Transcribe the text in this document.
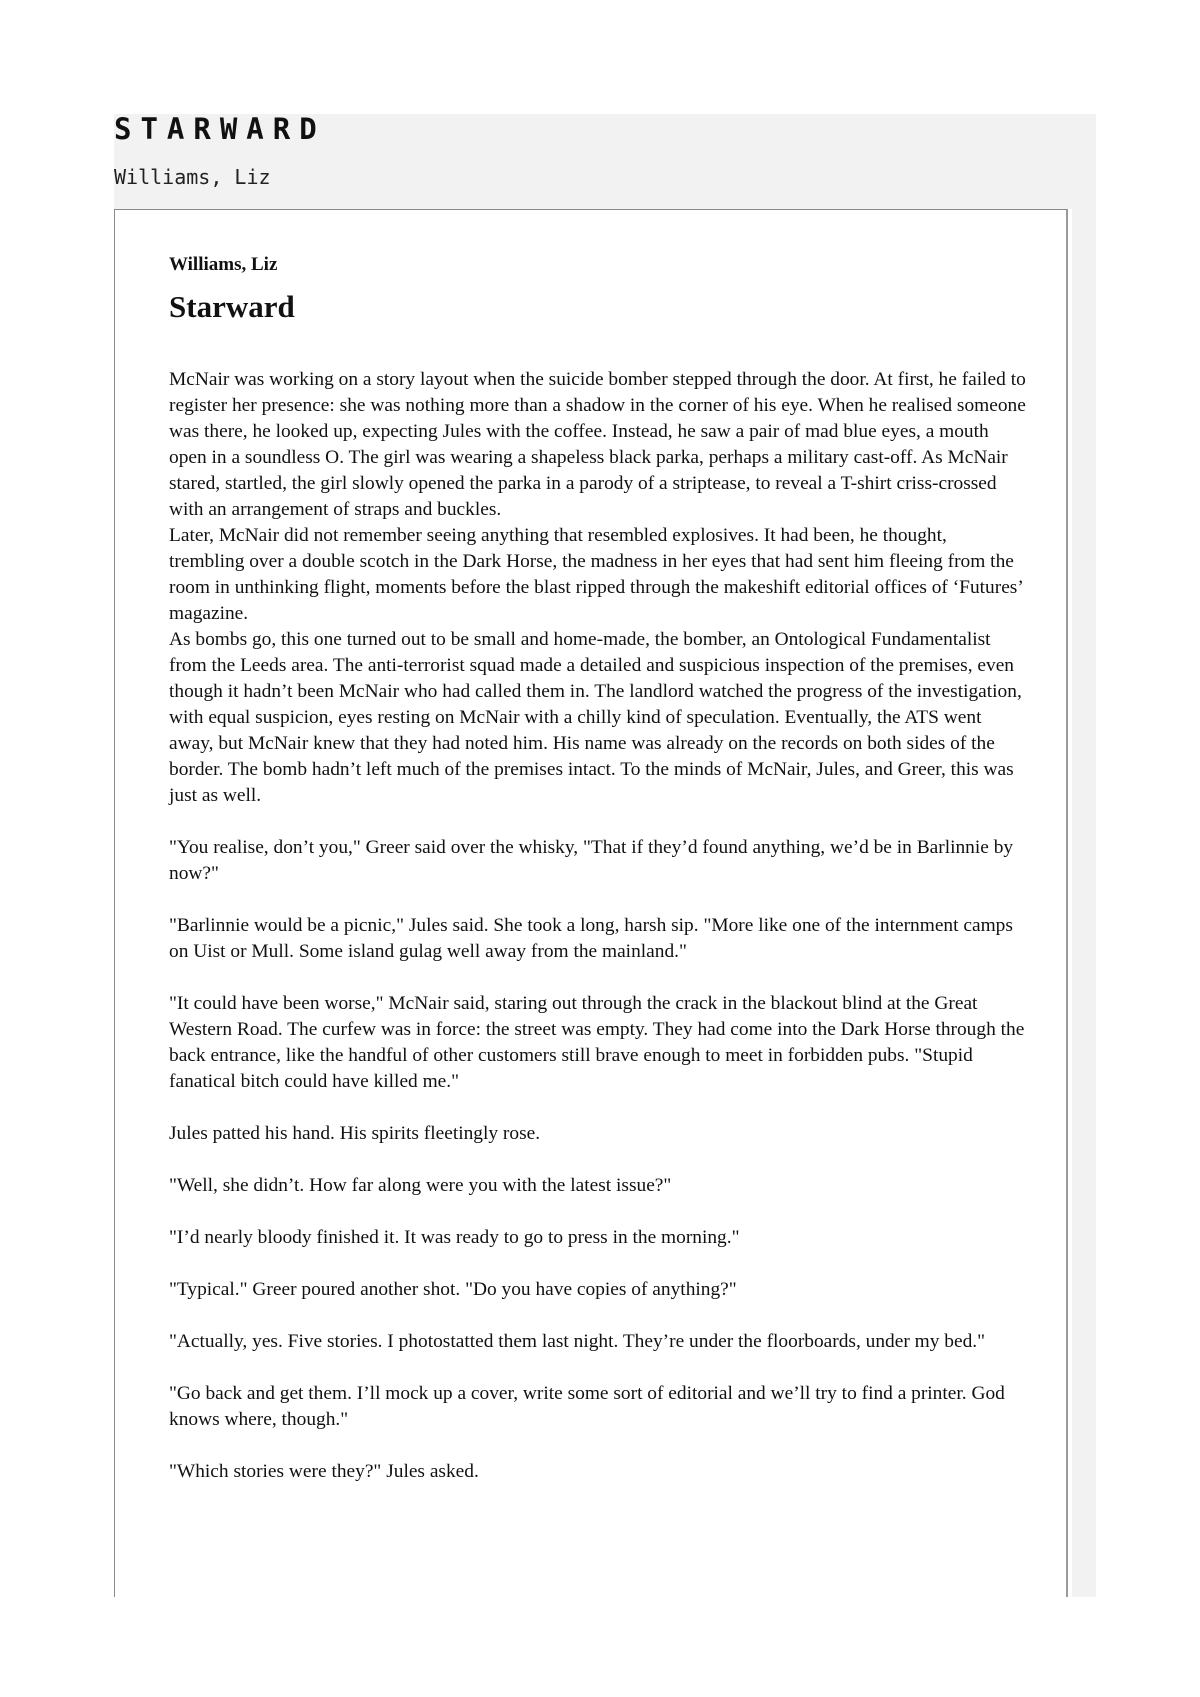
STARWARD
Williams, Liz
Williams, Liz
Starward

McNair was working on a story layout when the suicide bomber stepped through the door. At first, he failed to register her presence: she was nothing more than a shadow in the corner of his eye. When he realised someone was there, he looked up, expecting Jules with the coffee. Instead, he saw a pair of mad blue eyes, a mouth open in a soundless O. The girl was wearing a shapeless black parka, perhaps a military cast-off. As McNair stared, startled, the girl slowly opened the parka in a parody of a striptease, to reveal a T-shirt criss-crossed with an arrangement of straps and buckles.

Later, McNair did not remember seeing anything that resembled explosives. It had been, he thought, trembling over a double scotch in the Dark Horse, the madness in her eyes that had sent him fleeing from the room in unthinking flight, moments before the blast ripped through the makeshift editorial offices of ‘Futures’ magazine.

As bombs go, this one turned out to be small and home-made, the bomber, an Ontological Fundamentalist from the Leeds area. The anti-terrorist squad made a detailed and suspicious inspection of the premises, even though it hadn’t been McNair who had called them in. The landlord watched the progress of the investigation, with equal suspicion, eyes resting on McNair with a chilly kind of speculation. Eventually, the ATS went away, but McNair knew that they had noted him. His name was already on the records on both sides of the border. The bomb hadn’t left much of the premises intact. To the minds of McNair, Jules, and Greer, this was just as well.

"You realise, don’t you," Greer said over the whisky, "That if they’d found anything, we’d be in Barlinnie by now?"

"Barlinnie would be a picnic," Jules said. She took a long, harsh sip. "More like one of the internment camps on Uist or Mull. Some island gulag well away from the mainland."

"It could have been worse," McNair said, staring out through the crack in the blackout blind at the Great Western Road. The curfew was in force: the street was empty. They had come into the Dark Horse through the back entrance, like the handful of other customers still brave enough to meet in forbidden pubs. "Stupid fanatical bitch could have killed me."

Jules patted his hand. His spirits fleetingly rose.

"Well, she didn’t. How far along were you with the latest issue?"

"I’d nearly bloody finished it. It was ready to go to press in the morning."

"Typical." Greer poured another shot. "Do you have copies of anything?"

"Actually, yes. Five stories. I photostatted them last night. They’re under the floorboards, under my bed."

"Go back and get them. I’ll mock up a cover, write some sort of editorial and we’ll try to find a printer. God knows where, though."

"Which stories were they?" Jules asked.
